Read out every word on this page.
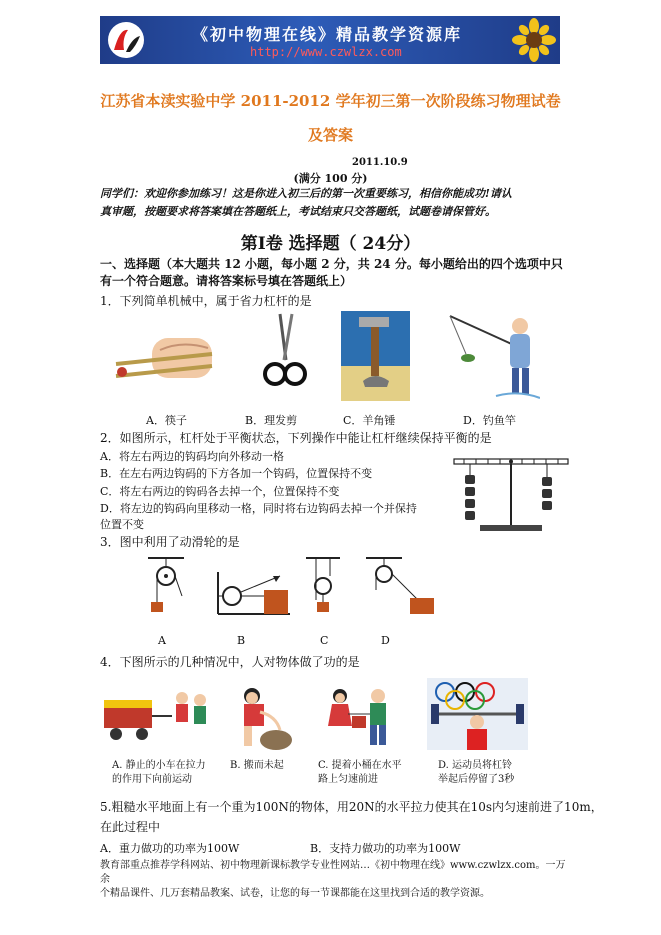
《初中物理在线》精品教学资源库
http://www.czwlzx.com
江苏省本渎实验中学 2011-2012 学年初三第一次阶段练习物理试卷
及答案
2011.10.9
(满分 100 分)
同学们：欢迎你参加练习！这是你进入初三后的第一次重要练习，相信你能成功!请认
真审题，按题要求将答案填在答题纸上，考试结束只交答题纸，试题卷请保管好。
第Ⅰ卷 选择题（ 24分）
一、选择题（本大题共 12 小题，每小题 2 分，共 24 分。每小题给出的四个选项中只有一 个符合题意。请将答案标号填在答题纸上）
1．下列简单机械中，属于省力杠杆的是
A．筷子	B．理发剪	C．羊角锤	D．钓鱼竿
2．如图所示，杠杆处于平衡状态，下列操作中能让杠杆继续保持平衡的是
A．将左右两边的钩码均向外移动一格
B．在左右两边钩码的下方各加一个钩码，位置保持不变
C．将左右两边的钩码各去掉一个，位置保持不变
D．将左边的钩码向里移动一格，同时将右边钩码去掉一个并保持
位置不变
3．图中利用了动滑轮的是
A	B	C	D
4．下图所示的几种情况中，人对物体做了功的是
A. 静止的小车在拉力
的作用下向前运动
B. 搬而未起	C. 提着小桶在水平
路上匀速前进
D. 运动员将杠铃
举起后停留了3秒
5.粗糙水平地面上有一个重为100N的物体，用20N的水平拉力使其在10s内匀速前进了10m，
在此过程中
A．重力做功的功率为100W	B．支持力做功的功率为100W
教育部重点推荐学科网站、初中物理新课标教学专业性网站…《初中物理在线》www.czwlzx.com。一万余
个精品课件、几万套精品教案、试卷，让您的每一节课都能在这里找到合适的教学资源。
